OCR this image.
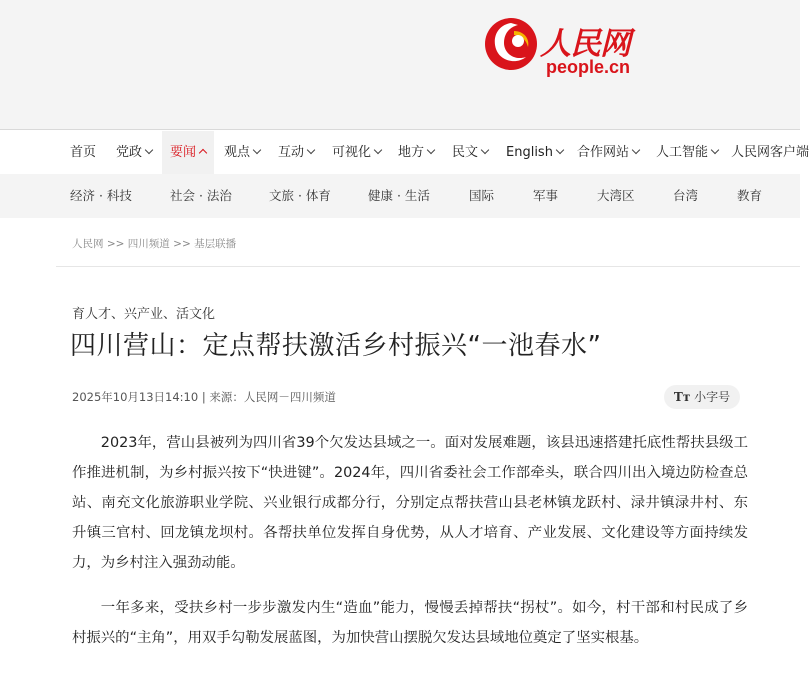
人民网
people.cn
首页 党政	要闻	观点	互动	可视化	地方	民文	English	合作网站	人工智能	人民网客户端
经济 · 科技	社会 · 法治	文旅 · 体育	健康 · 生活	国际	军事	大湾区	台湾	教育
人民网 >> 四川频道 >> 基层联播
育人才、兴产业、活文化
四川营山：定点帮扶激活乡村振兴“一池春水”
2025年10月13日14:10 | 来源：人民网－四川频道	Tт 小字号

2023年，营山县被列为四川省39个欠发达县域之一。面对发展难题，该县迅速搭建托底性帮扶县级工作推进机制，为乡村振兴按下“快进键”。2024年，四川省委社会工作部牵头，联合四川出入境边防检查总站、南充文化旅游职业学院、兴业银行成都分行，分别定点帮扶营山县老林镇龙跃村、渌井镇渌井村、东升镇三官村、回龙镇龙坝村。各帮扶单位发挥自身优势，从人才培育、产业发展、文化建设等方面持续发力，为乡村注入强劲动能。

一年多来，受扶乡村一步步激发内生“造血”能力，慢慢丢掉帮扶“拐杖”。如今，村干部和村民成了乡村振兴的“主角”，用双手勾勒发展蓝图，为加快营山摆脱欠发达县域地位奠定了坚实根基。
